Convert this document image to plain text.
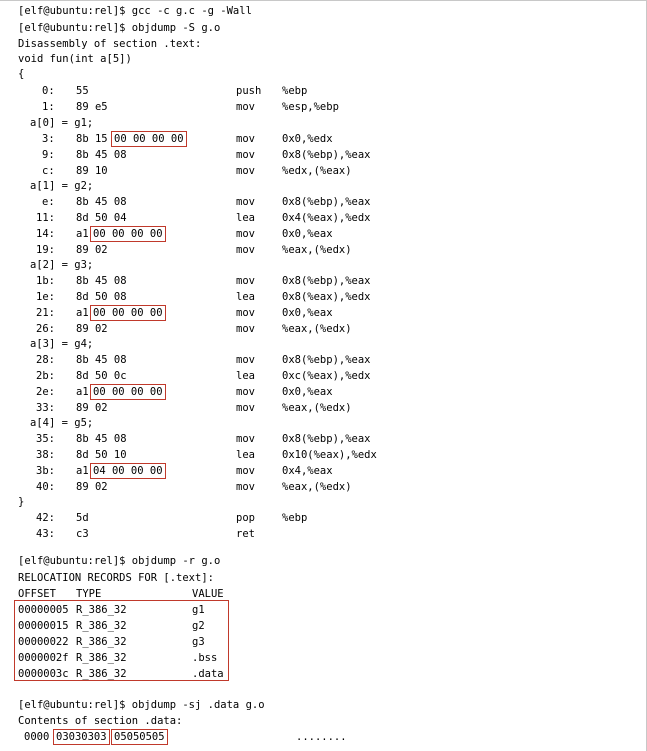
[elf@ubuntu:rel]$ gcc -c g.c -g -Wall
[elf@ubuntu:rel]$ objdump -S g.o
Disassembly of section .text:
void fun(int a[5])
{
0: 55	push %ebp
1: 89 e5	mov	%esp,%ebp
a[0] = g1;
3: 8b 15 00 00 00 00	mov	0x0,%edx
9: 8b 45 08	mov	0x8(%ebp),%eax
c: 89 10	mov	%edx,(%eax)
a[1] = g2;
e: 8b 45 08	mov	0x8(%ebp),%eax
11: 8d 50 04	lea	0x4(%eax),%edx
14: a1 00 00 00 00	mov	0x0,%eax
19: 89 02	mov	%eax,(%edx)
a[2] = g3;
1b: 8b 45 08	mov	0x8(%ebp),%eax
1e: 8d 50 08	lea	0x8(%eax),%edx
21: a1 00 00 00 00	mov	0x0,%eax
26: 89 02	mov	%eax,(%edx)
a[3] = g4;
28: 8b 45 08	mov	0x8(%ebp),%eax
2b: 8d 50 0c	lea	0xc(%eax),%edx
2e: a1 00 00 00 00	mov	0x0,%eax
33: 89 02	mov	%eax,(%edx)
a[4] = g5;
35: 8b 45 08	mov	0x8(%ebp),%eax
38: 8d 50 10	lea	0x10(%eax),%edx
3b: a1 04 00 00 00	mov	0x4,%eax
40: 89 02	mov	%eax,(%edx)
}
42: 5d	pop	%ebp
43: c3	ret
[elf@ubuntu:rel]$ objdump -r g.o
RELOCATION RECORDS FOR [.text]:
OFFSET TYPE	VALUE
00000005 R_386_32	g1
00000015 R_386_32	g2
00000022 R_386_32	g3
0000002f R_386_32	.bss
0000003c R_386_32	.data
[elf@ubuntu:rel]$ objdump -sj .data g.o
Contents of section .data:
0000 03030303 05050505	........
